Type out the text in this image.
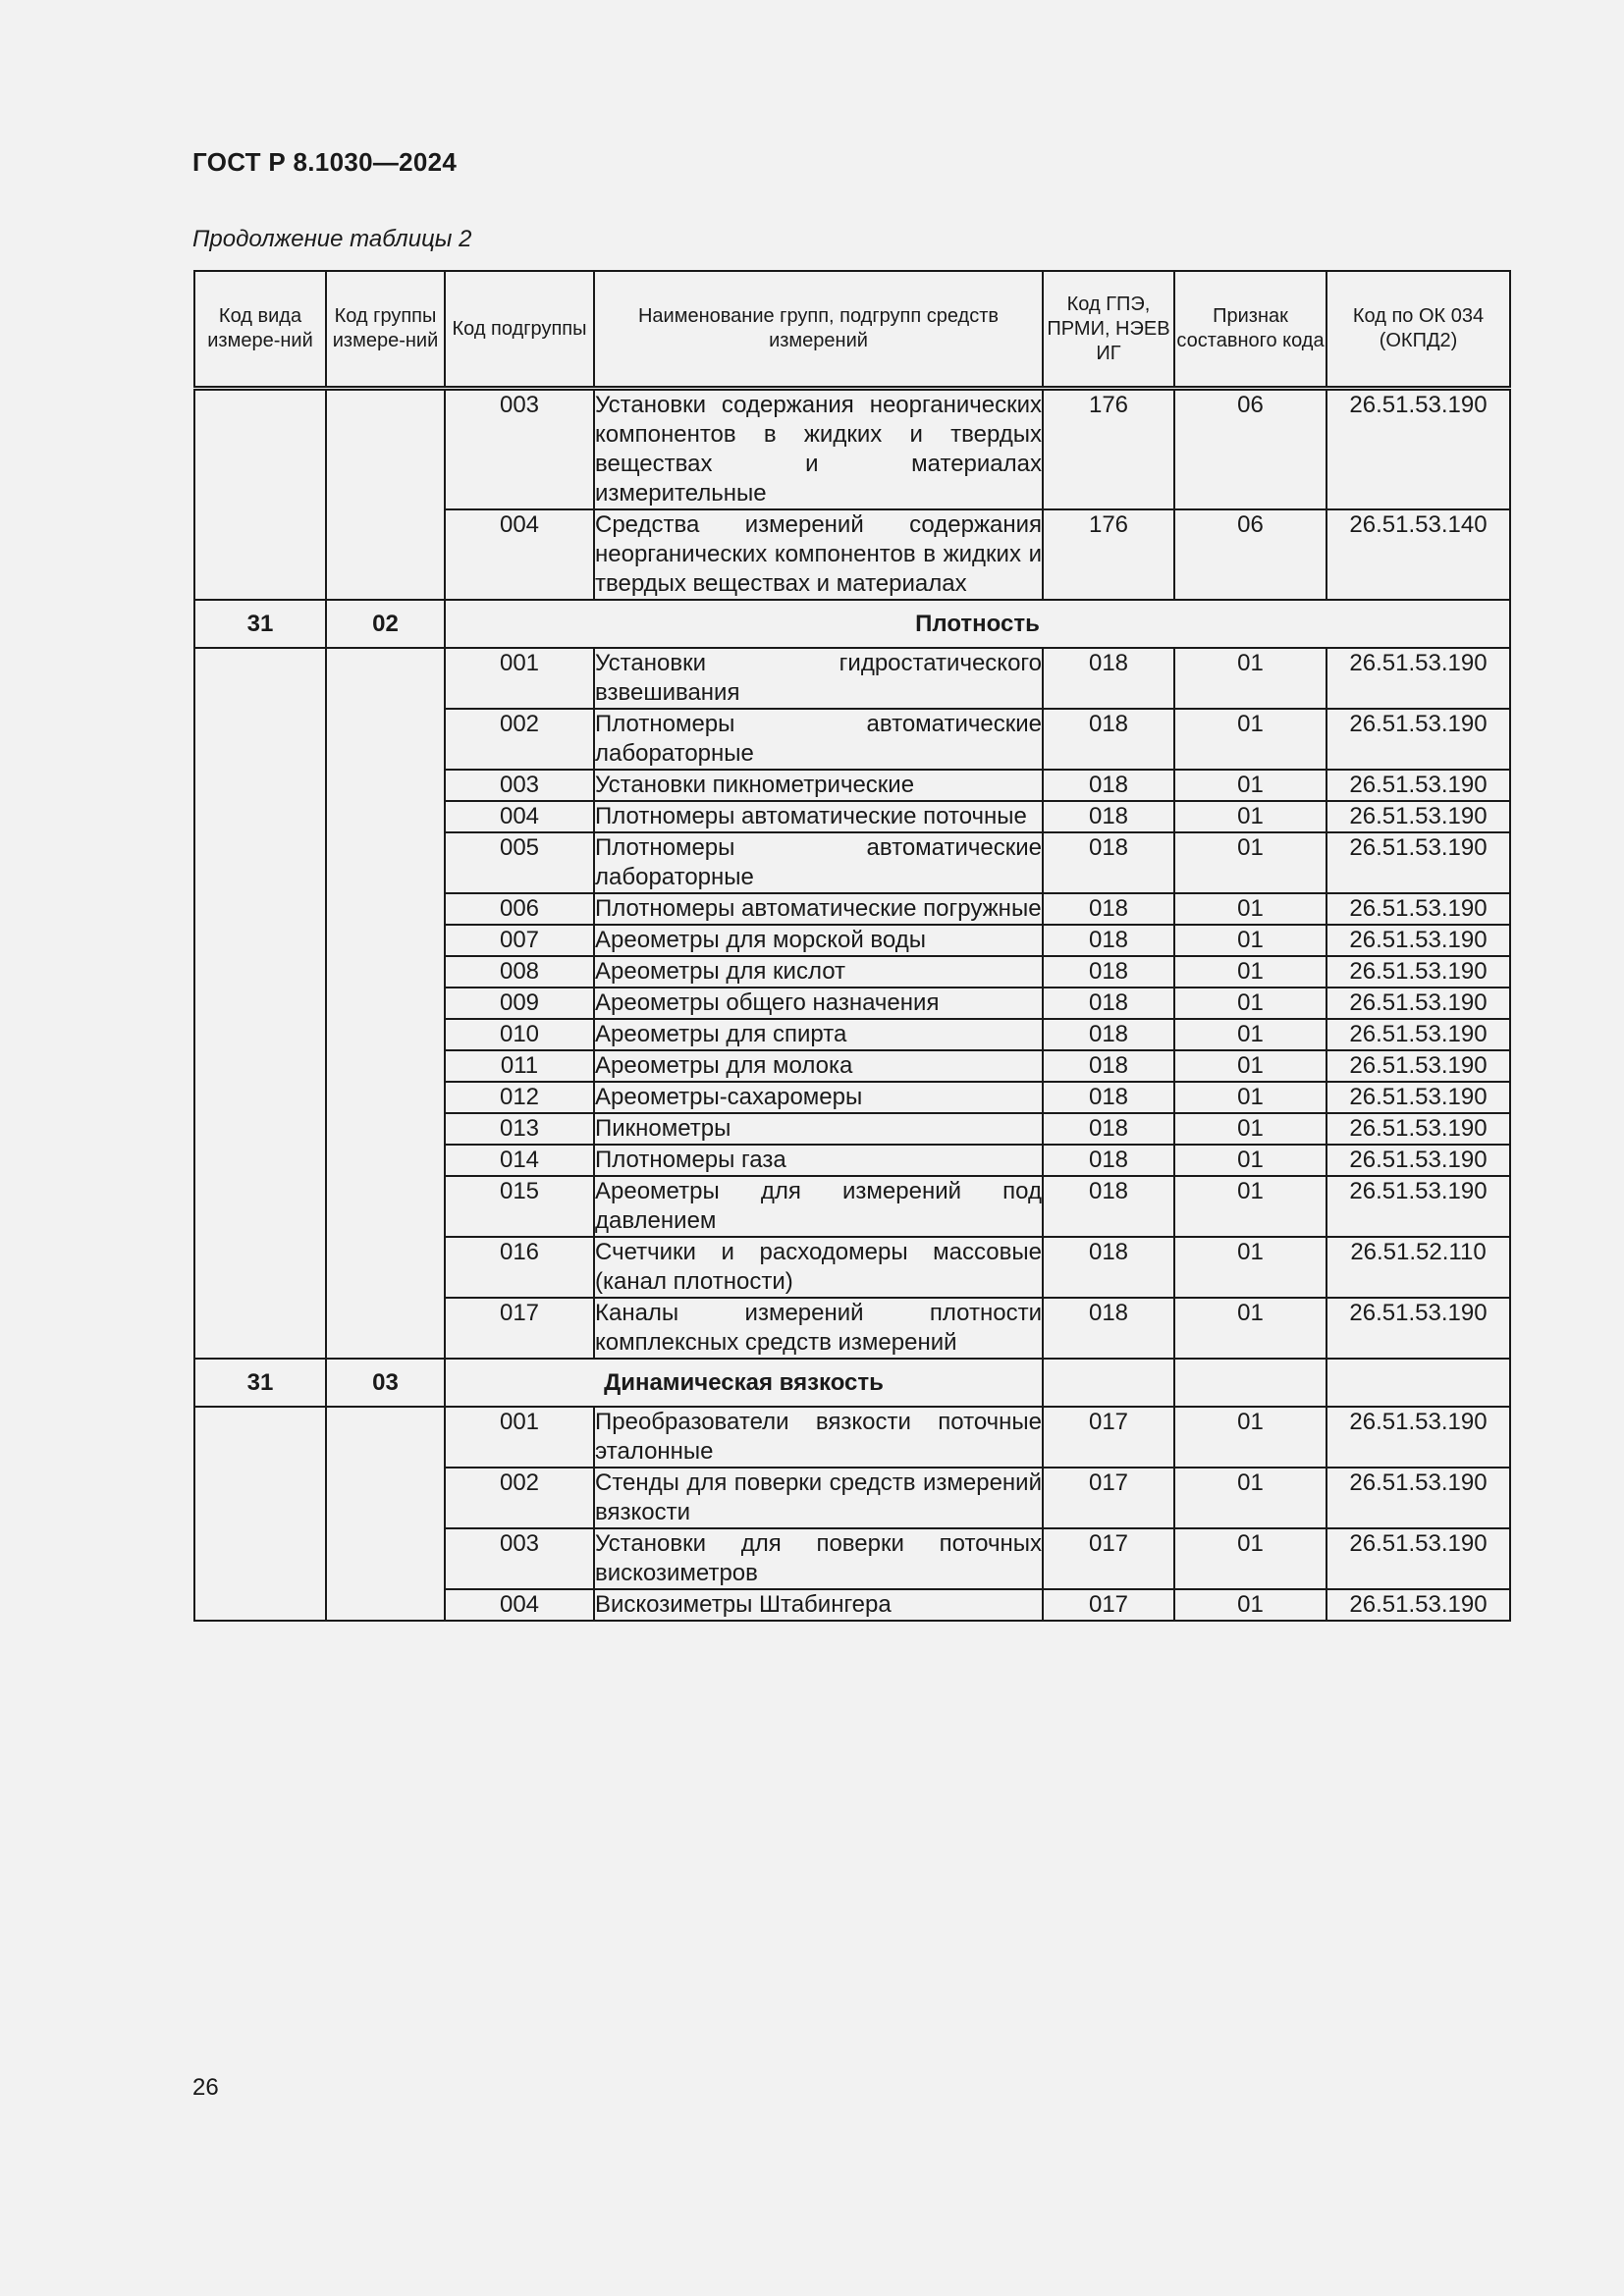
ГОСТ Р 8.1030—2024
Продолжение таблицы 2
Код вида измере-ний	Код группы измере-ний	Код подгруппы	Наименование групп, подгрупп средств измерений	Код ГПЭ, ПРМИ, НЭЕВ ИГ	Признак составного кода	Код по ОК 034 (ОКПД2)
		003	Установки содержания неорганических компонентов в жидких и твердых веществах и материалах измерительные	176	06	26.51.53.190
		004	Средства измерений содержания неорганических компонентов в жидких и твердых веществах и материалах	176	06	26.51.53.140
31	02	Плотность				
		001	Установки гидростатического взвешивания	018	01	26.51.53.190
		002	Плотномеры автоматические лабораторные	018	01	26.51.53.190
		003	Установки пикнометрические	018	01	26.51.53.190
		004	Плотномеры автоматические поточные	018	01	26.51.53.190
		005	Плотномеры автоматические лабораторные	018	01	26.51.53.190
		006	Плотномеры автоматические погружные	018	01	26.51.53.190
		007	Ареометры для морской воды	018	01	26.51.53.190
		008	Ареометры для кислот	018	01	26.51.53.190
		009	Ареометры общего назначения	018	01	26.51.53.190
		010	Ареометры для спирта	018	01	26.51.53.190
		011	Ареометры для молока	018	01	26.51.53.190
		012	Ареометры-сахаромеры	018	01	26.51.53.190
		013	Пикнометры	018	01	26.51.53.190
		014	Плотномеры газа	018	01	26.51.53.190
		015	Ареометры для измерений под давлением	018	01	26.51.53.190
		016	Счетчики и расходомеры массовые (канал плотности)	018	01	26.51.52.110
		017	Каналы измерений плотности комплексных средств измерений	018	01	26.51.53.190
31	03	Динамическая вязкость				
		001	Преобразователи вязкости поточные эталонные	017	01	26.51.53.190
		002	Стенды для поверки средств измерений вязкости	017	01	26.51.53.190
		003	Установки для поверки поточных вискозиметров	017	01	26.51.53.190
		004	Вискозиметры Штабингера	017	01	26.51.53.190
26
